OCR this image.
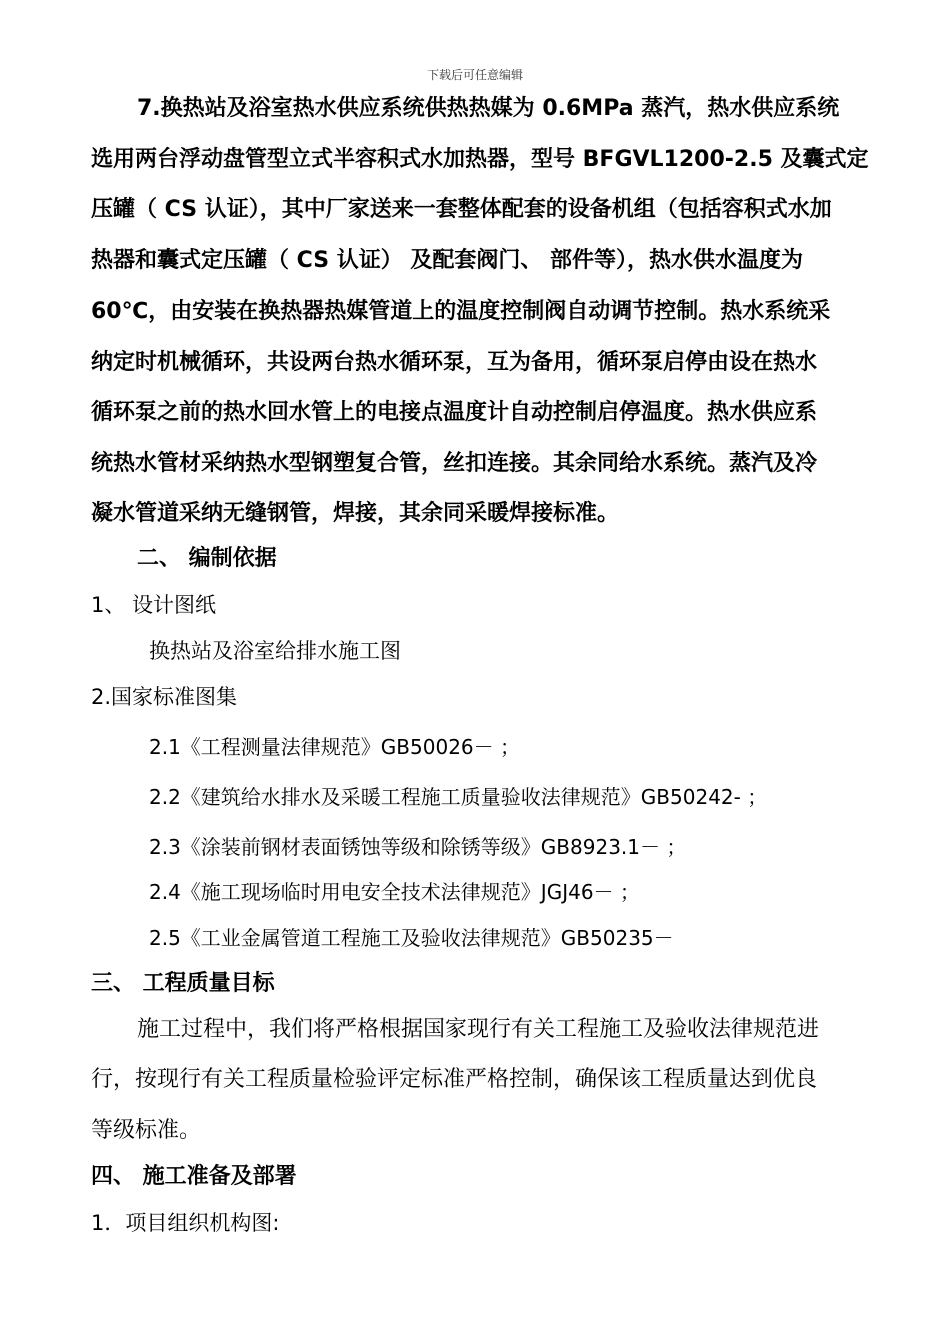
下载后可任意编辑
7.换热站及浴室热水供应系统供热热媒为 0.6MPa 蒸汽，热水供应系统
选用两台浮动盘管型立式半容积式水加热器，型号 BFGVL1200-2.5 及囊式定
压罐（ CS 认证），其中厂家送来一套整体配套的设备机组（包括容积式水加
热器和囊式定压罐（ CS 认证） 及配套阀门、 部件等），热水供水温度为
60℃，由安装在换热器热媒管道上的温度控制阀自动调节控制。热水系统采
纳定时机械循环，共设两台热水循环泵，互为备用，循环泵启停由设在热水
循环泵之前的热水回水管上的电接点温度计自动控制启停温度。热水供应系
统热水管材采纳热水型钢塑复合管，丝扣连接。其余同给水系统。蒸汽及冷
凝水管道采纳无缝钢管，焊接，其余同采暖焊接标准。
二、 编制依据
1、 设计图纸
换热站及浴室给排水施工图
2.国家标准图集
2.1《工程测量法律规范》GB50026－ ；
2.2《建筑给水排水及采暖工程施工质量验收法律规范》GB50242- ；
2.3《涂装前钢材表面锈蚀等级和除锈等级》GB8923.1－ ；
2.4《施工现场临时用电安全技术法律规范》JGJ46－ ；
2.5《工业金属管道工程施工及验收法律规范》GB50235－
三、 工程质量目标
施工过程中，我们将严格根据国家现行有关工程施工及验收法律规范进
行，按现行有关工程质量检验评定标准严格控制，确保该工程质量达到优良
等级标准。
四、 施工准备及部署
1．项目组织机构图:
